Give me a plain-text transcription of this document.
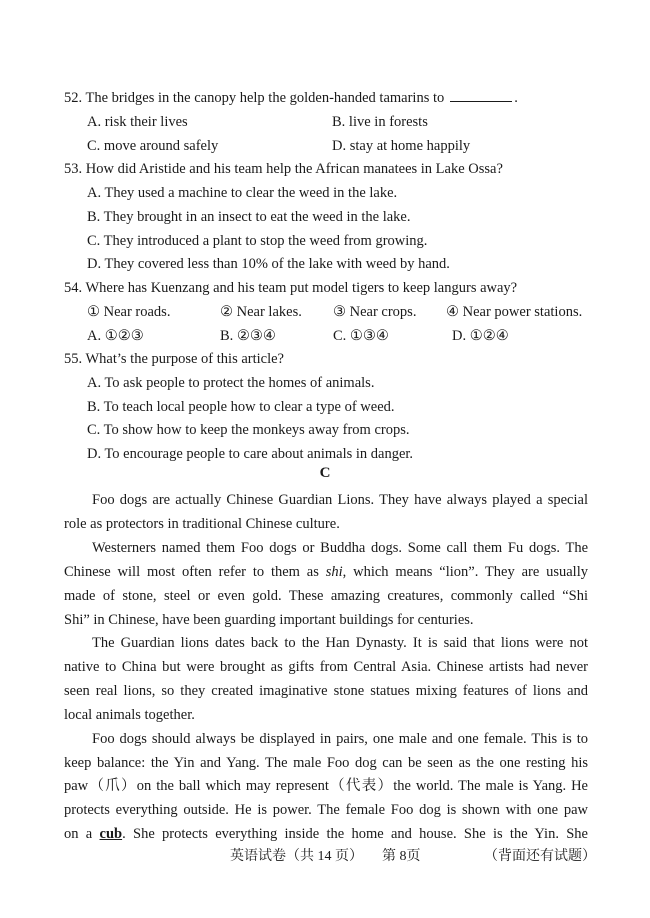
52. The bridges in the canopy help the golden-handed tamarins to	.
A. risk their lives	B. live in forests
C. move around safely	D. stay at home happily
53. How did Aristide and his team help the African manatees in Lake Ossa?
A. They used a machine to clear the weed in the lake.
B. They brought in an insect to eat the weed in the lake.
C. They introduced a plant to stop the weed from growing.
D. They covered less than 10% of the lake with weed by hand.
54. Where has Kuenzang and his team put model tigers to keep langurs away?
① Near roads.	② Near lakes. ③ Near crops. ④ Near power stations.
A. ①②③	B. ②③④	C. ①③④	D. ①②④
55. What’s the purpose of this article?
A. To ask people to protect the homes of animals.
B. To teach local people how to clear a type of weed.
C. To show how to keep the monkeys away from crops.
D. To encourage people to care about animals in danger.
C
Foo dogs are actually Chinese Guardian Lions. They have always played a special
role as protectors in traditional Chinese culture.
Westerners named them Foo dogs or Buddha dogs. Some call them Fu dogs. The
Chinese will most often refer to them as shi, which means “lion”. They are usually
made of stone, steel or even gold. These amazing creatures, commonly called “Shi
Shi” in Chinese, have been guarding important buildings for centuries.
The Guardian lions dates back to the Han Dynasty. It is said that lions were not
native to China but were brought as gifts from Central Asia. Chinese artists had never
seen real lions, so they created imaginative stone statues mixing features of lions and
local animals together.
Foo dogs should always be displayed in pairs, one male and one female. This is to
keep balance: the Yin and Yang. The male Foo dog can be seen as the one resting his
paw（爪）on the ball which may represent（代表）the world. The male is Yang. He
protects everything outside. He is power. The female Foo dog is shown with one paw
on a cub. She protects everything inside the home and house. She is the Yin. She
英语试卷 （共 14 页） 第 8页	（背面还有试题）
